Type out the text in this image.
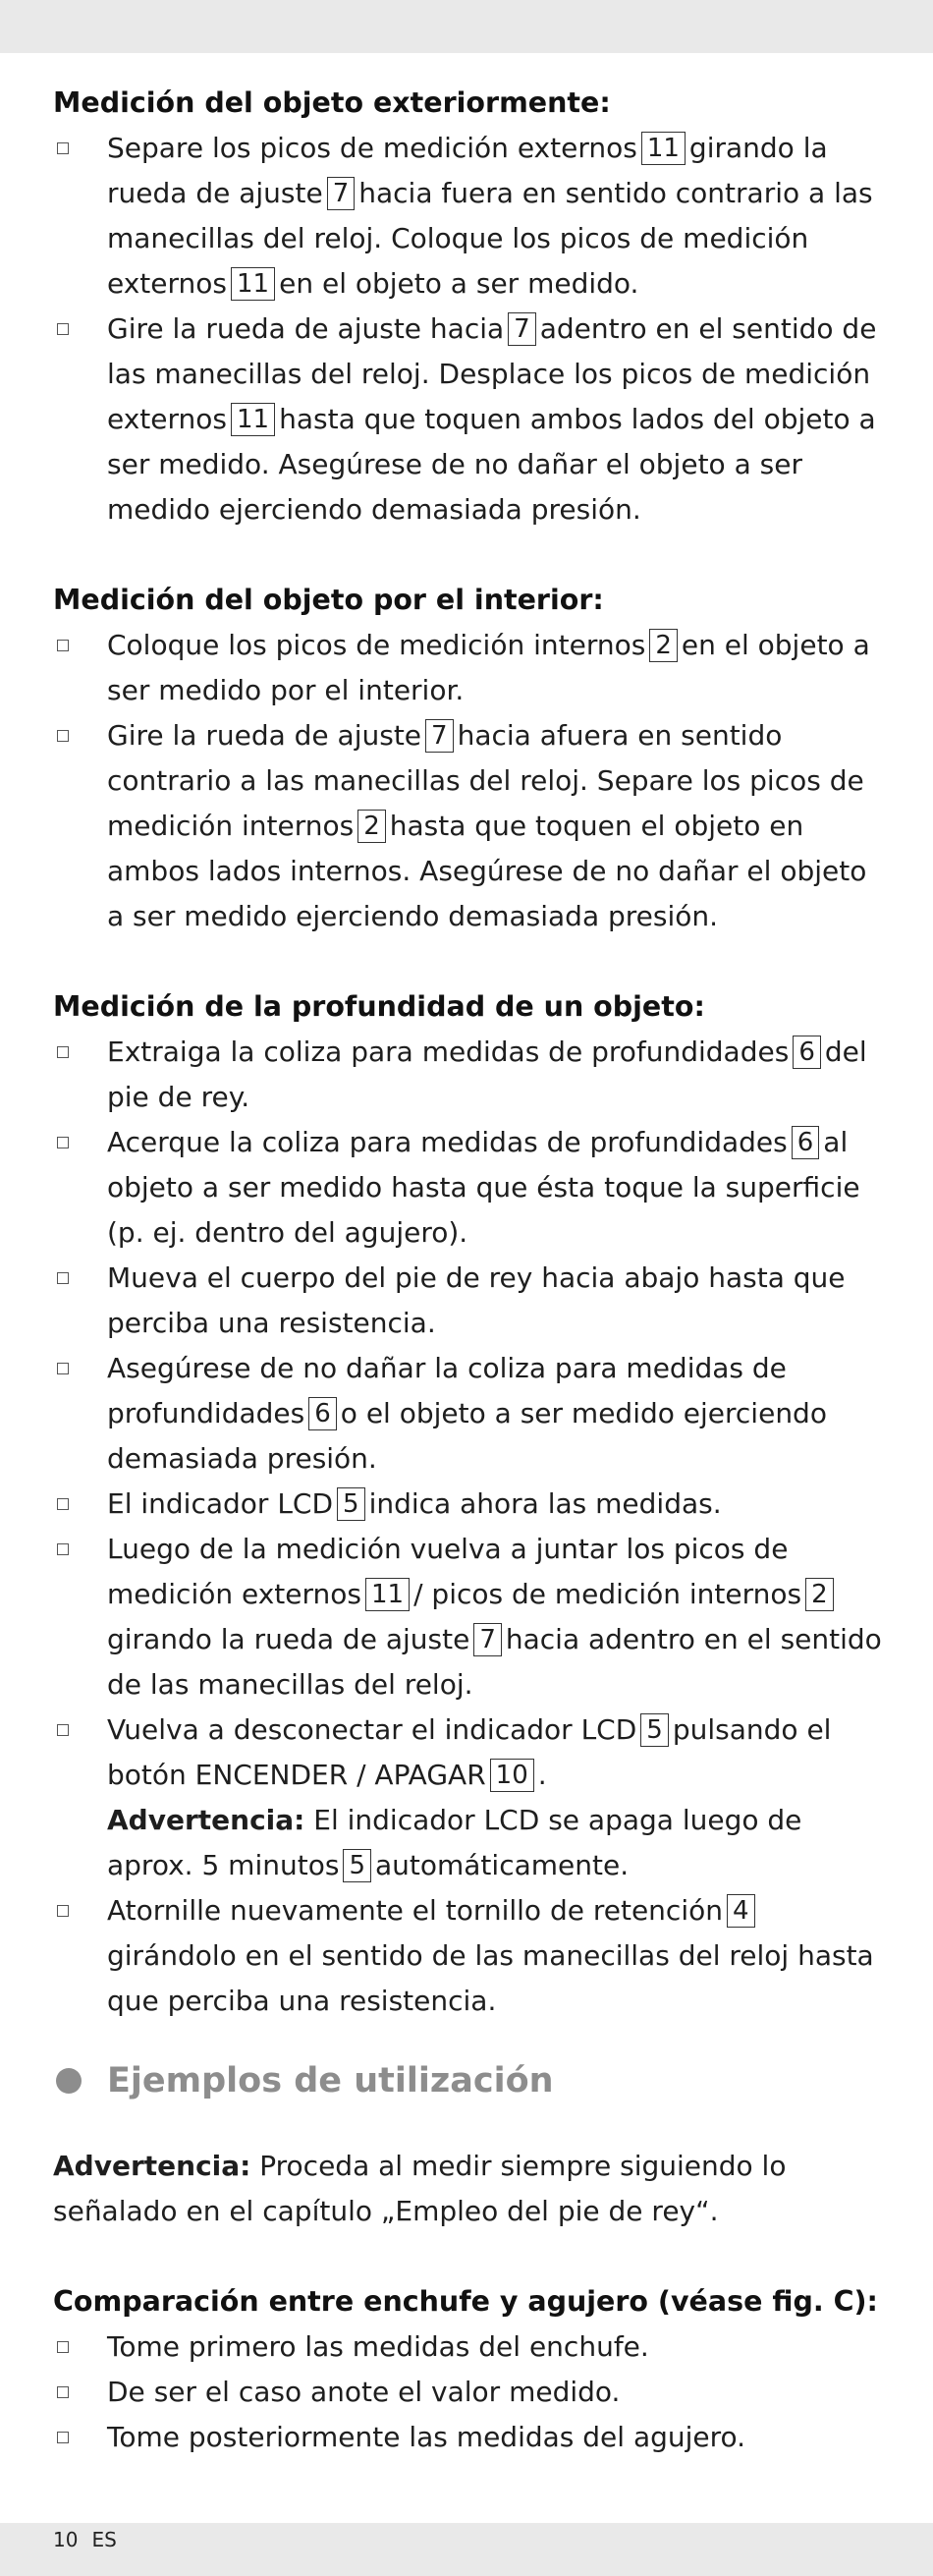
Medición del objeto exteriormente:
Separe los picos de medición externos 11 girando la rueda de ajuste 7 hacia fuera en sentido contrario a las manecillas del reloj. Coloque los picos de medición externos 11 en el objeto a ser medido.
Gire la rueda de ajuste hacia 7 adentro en el sentido de las manecillas del reloj. Desplace los picos de medición externos 11 hasta que toquen ambos lados del objeto a ser medido. Asegúrese de no dañar el objeto a ser medido ejerciendo demasiada presión.
Medición del objeto por el interior:
Coloque los picos de medición internos 2 en el objeto a ser medido por el interior.
Gire la rueda de ajuste 7 hacia afuera en sentido contrario a las manecillas del reloj. Separe los picos de medición internos 2 hasta que toquen el objeto en ambos lados internos. Asegúrese de no dañar el objeto a ser medido ejerciendo demasiada presión.
Medición de la profundidad de un objeto:
Extraiga la coliza para medidas de profundidades 6 del pie de rey.
Acerque la coliza para medidas de profundidades 6 al objeto a ser medido hasta que ésta toque la superficie (p. ej. dentro del agujero).
Mueva el cuerpo del pie de rey hacia abajo hasta que perciba una resistencia.
Asegúrese de no dañar la coliza para medidas de profundidades 6 o el objeto a ser medido ejerciendo demasiada presión.
El indicador LCD 5 indica ahora las medidas.
Luego de la medición vuelva a juntar los picos de medición externos 11 / picos de medición internos 2girando la rueda de ajuste 7 hacia adentro en el sentido de las manecillas del reloj.
Vuelva a desconectar el indicador LCD 5 pulsando el botón ENCENDER / APAGAR 10 .
Advertencia: El indicador LCD se apaga luego de aprox. 5 minutos 5 automáticamente.
Atornille nuevamente el tornillo de retención 4girándolo en el sentido de las manecillas del reloj hasta que perciba una resistencia.
Ejemplos de utilización

Advertencia: Proceda al medir siempre siguiendo lo señalado en el capítulo „Empleo del pie de rey“.

Comparación entre enchufe y agujero (véase fig. C):
Tome primero las medidas del enchufe.
De ser el caso anote el valor medido.
Tome posteriormente las medidas del agujero.
10 ES
